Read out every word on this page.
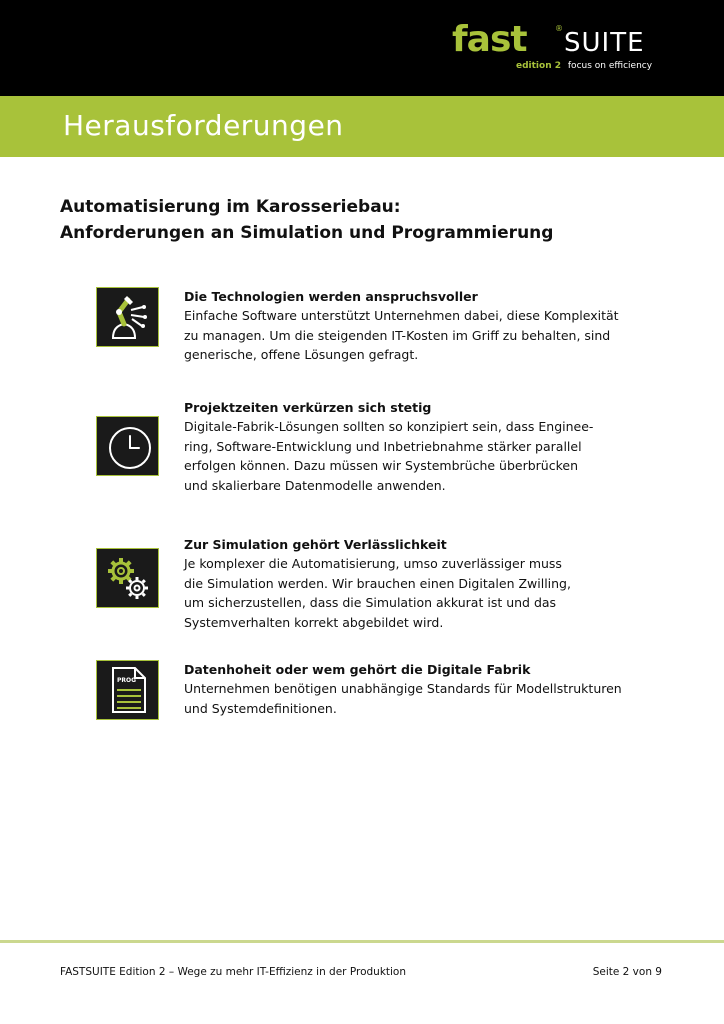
fast	® SUITE
edition 2 focus on efficiency
Herausforderungen
Automatisierung im Karosseriebau:
Anforderungen an Simulation und Programmierung
Die Technologien werden anspruchsvoller
Einfache Software unterstützt Unternehmen dabei, diese Komplexität
zu managen. Um die steigenden IT-Kosten im Griff zu behalten, sind
generische, offene Lösungen gefragt.
Projektzeiten verkürzen sich stetig
Digitale-Fabrik-Lösungen sollten so konzipiert sein, dass Enginee-
ring, Software-Entwicklung und Inbetriebnahme stärker parallel
erfolgen können. Dazu müssen wir Systembrüche überbrücken
und skalierbare Datenmodelle anwenden.
Zur Simulation gehört Verlässlichkeit
Je komplexer die Automatisierung, umso zuverlässiger muss
die Simulation werden. Wir brauchen einen Digitalen Zwilling,
um sicherzustellen, dass die Simulation akkurat ist und das
Systemverhalten korrekt abgebildet wird.
PROG
Datenhoheit oder wem gehört die Digitale Fabrik
Unternehmen benötigen unabhängige Standards für Modellstrukturen
und Systemdefinitionen.
FASTSUITE Edition 2 – Wege zu mehr IT-Effizienz in der Produktion	Seite 2 von 9
